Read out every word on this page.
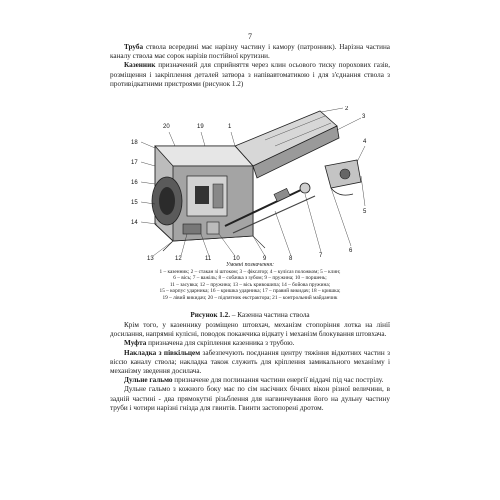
7

Труба ствола всередині має нарізну частину і камору (патронник). Нарізна частина каналу ствола має сорок нарізів постійної крутизни.

Казенник призначений для сприйняття через клин осьового тиску порохових газів, розміщення і закріплення деталей затвора з напівавтоматикою і для з'єднання ствола з противідкатними пристроями (рисунок 1.2)

18
17
16
15
14
13	12	11	10	9	8	7
6
5
4
3
2
1
19
20
Умовні позначення:
1 – казенник; 2 – стакан зі штоком; 3 – фіксатор; 4 – кулісаз положком; 5 – клин;
6 – вісь; 7 – важіль; 8 – собачка з зубом; 9 – пружина; 10 – поршень;
11 – засувка; 12 – пружина; 13 – вісь кривошипа; 14 – бойова пружина;
15 – корпус ударника; 16 – кришка ударника; 17 – правий викидач; 18 – кришка;
19 – лівий викидач; 20 – підпятник екстрактора; 21 – контрольний майданчик
Рисунок 1.2. – Казенна частина ствола

Крім того, у казеннику розміщено штовхач, механізм стопоріння лотка на лінії досилання, напрямні кулісні, поводок покажчика відкату і механізм блокування штовхача.

Муфта призначена для скріплення казенника з трубою.

Накладка з півкільцем забезпечують поєднання центру тяжіння відкотних частин з віссю каналу ствола; накладка також служить для кріплення замикального механізму і механізму зведення досилача.

Дульне гальмо призначене для поглинання частини енергії віддачі під час пострілу.

Дульне гальмо з кожного боку має по сім насічних бічних вікон різної величини, в задній частині - два прямокутні різьблення для нагвинчування його на дульну частину труби і чотири нарізні гнізда для гвинтів. Гвинти застопорені дротом.
